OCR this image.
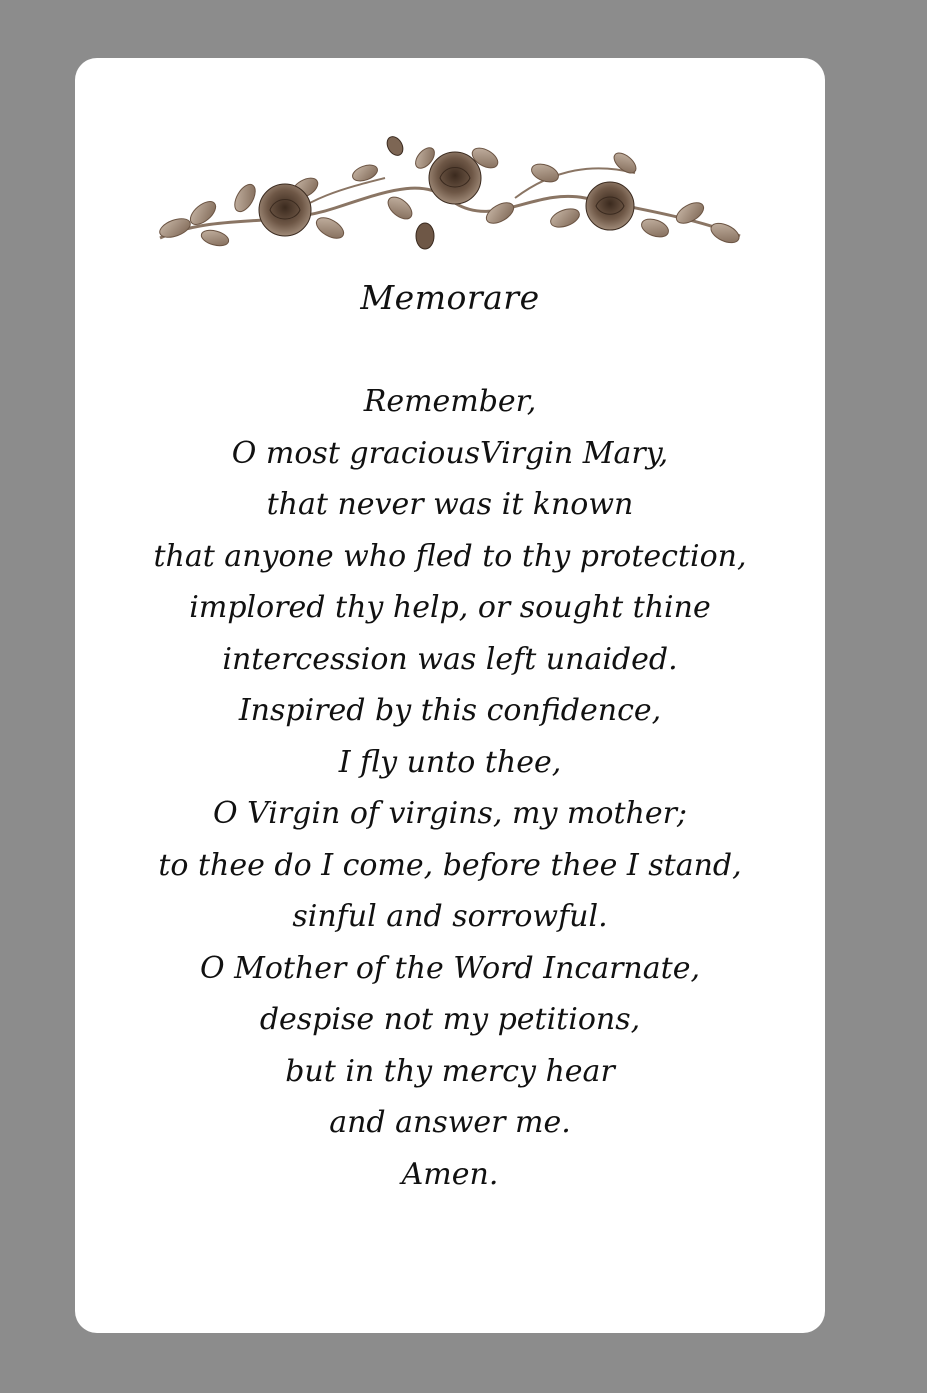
Memorare
Remember,
O most graciousVirgin Mary,
that never was it known
that anyone who fled to thy protection,
implored thy help, or sought thine
intercession was left unaided.
Inspired by this confidence,
I fly unto thee,
O Virgin of virgins, my mother;
to thee do I come, before thee I stand,
sinful and sorrowful.
O Mother of the Word Incarnate,
despise not my petitions,
but in thy mercy hear
and answer me.
Amen.
